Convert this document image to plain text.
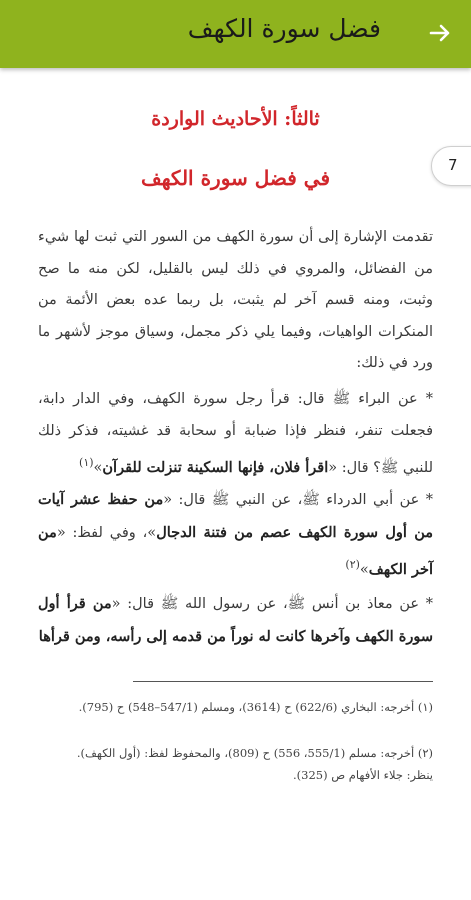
فضل سورة الكهف
7
ثالثاً: الأحاديث الواردة
في فضل سورة الكهف
تقدمت الإشارة إلى أن سورة الكهف من السور التي ثبت لها شيء من الفضائل، والمروي في ذلك ليس بالقليل، لكن منه ما صح وثبت، ومنه قسم آخر لم يثبت، بل ربما عده بعض الأئمة من المنكرات الواهيات، وفيما يلي ذكر مجمل، وسياق موجز لأشهر ما ورد في ذلك:
* عن البراء ﷺ قال: قرأ رجل سورة الكهف، وفي الدار دابة، فجعلت تنفر، فنظر فإذا ضبابة أو سحابة قد غشيته، فذكر ذلك للنبي ﷺ؟ قال: «اقرأ فلان، فإنها السكينة تنزلت للقرآن»$^{(١)}$
* عن أبي الدرداء ﷺ، عن النبي ﷺ قال: «من حفظ عشر آيات من أول سورة الكهف عصم من فتنة الدجال»، وفي لفظ: «من آخر الكهف»$^{(٢)}$
* عن معاذ بن أنس ﷺ، عن رسول الله ﷺ قال: «من قرأ أول سورة الكهف وآخرها كانت له نوراً من قدمه إلى رأسه، ومن قرأها
(١) أخرجه: البخاري (622/6) ح (3614)، ومسلم (547/1–548) ح (795).
(٢) أخرجه: مسلم (555/1، 556) ح (809)، والمحفوظ لفظ: (أول الكهف).
ينظر: جلاء الأفهام ص (325).
